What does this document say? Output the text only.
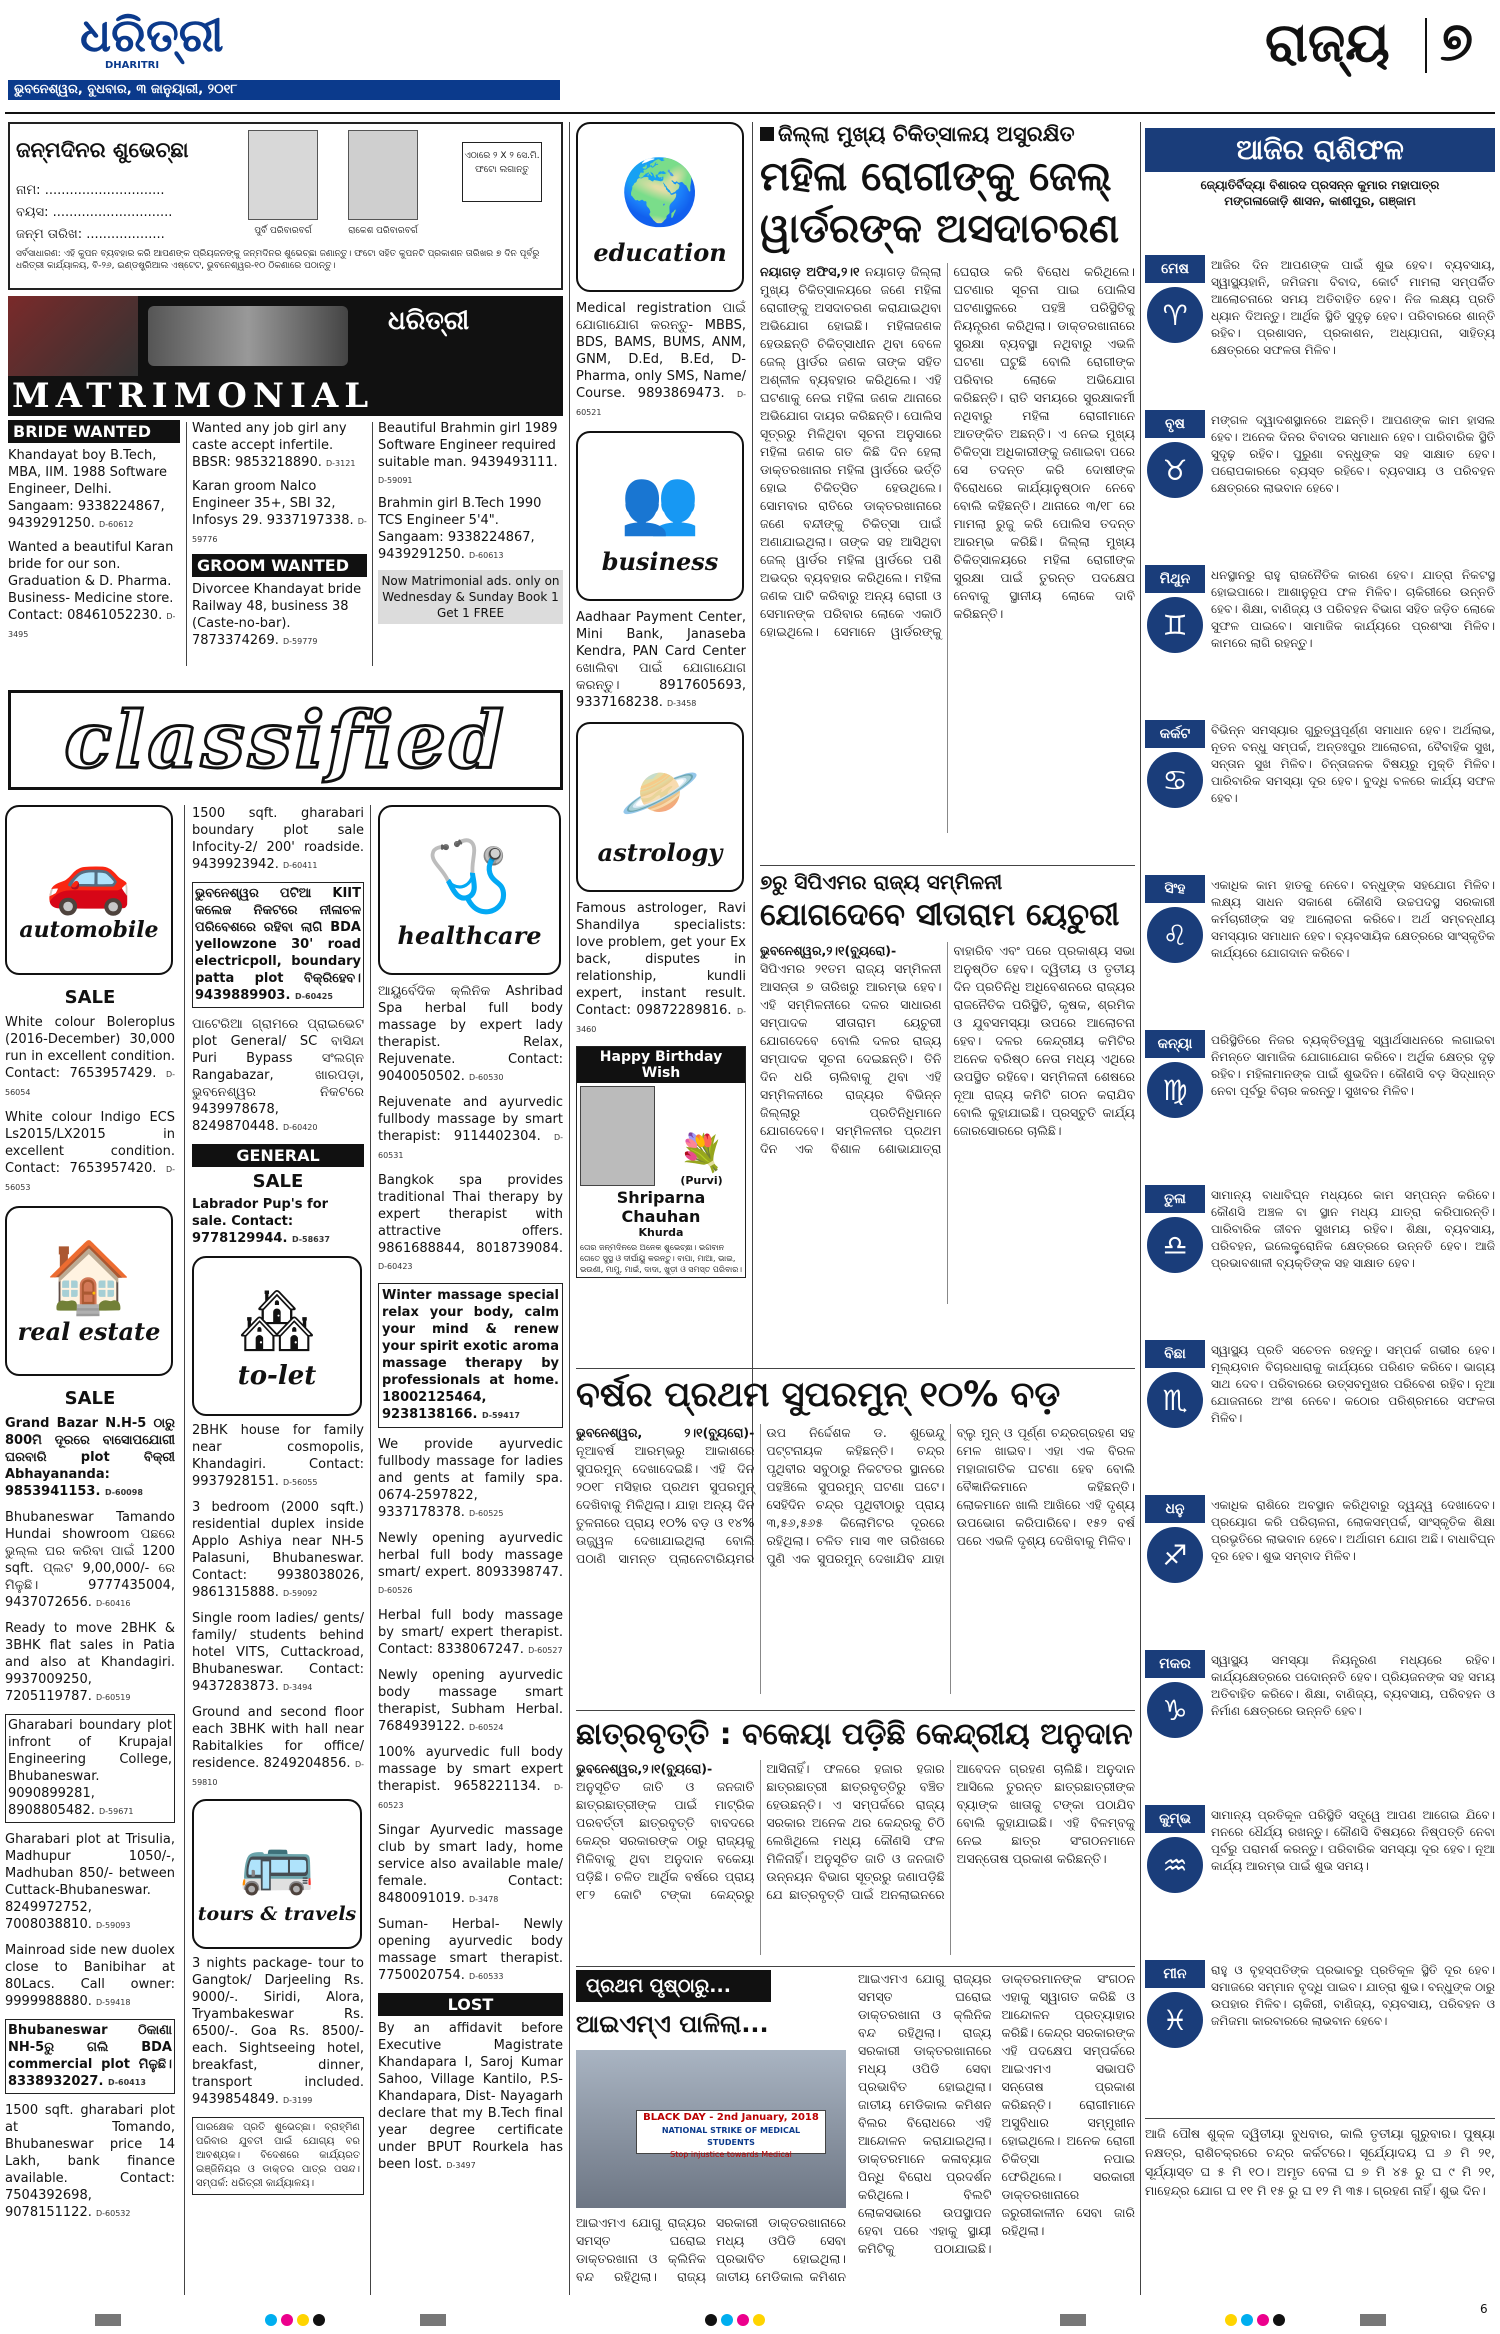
ଧରିତ୍ରୀ
DHARITRI
ଭୁବନେଶ୍ୱର, ବୁଧବାର, ୩ ଜାନୁୟାରୀ, ୨୦୧୮
ରାଜ୍ୟ ୭
ଜନ୍ମଦିନର ଶୁଭେଚ୍ଛା
ନାମ: .............................
ବୟସ: .............................
ଜନ୍ମ ତାରିଖ: ...................	ପୁର୍ବି ପରିବାରବର୍ଗ	ରାକେଶ ପରିବାରବର୍ଗ
ଏଠାରେ ୨ X ୨ ସେ.ମି. ଫଟୋ ଲଗାନ୍ତୁ
ସର୍ବସାଧାରଣ: ଏହି କୁପନ ବ୍ୟବହାର କରି ଆପଣଙ୍କ ପ୍ରିୟଜନଙ୍କୁ ଜନ୍ମଦିନର ଶୁଭେଚ୍ଛା ଜଣାନ୍ତୁ। ଫଟୋ ସହିତ କୁପନଟି ପ୍ରକାଶନ ତାରିଖର ୭ ଦିନ ପୂର୍ବରୁ ଧରିତ୍ରୀ କାର୍ଯ୍ୟାଳୟ, ବି-୨୬, ଇଣ୍ଡଷ୍ଟ୍ରିଆଲ ଏଷ୍ଟେଟ, ଭୁବନେଶ୍ୱର-୧୦ ଠିକଣାରେ ପଠାନ୍ତୁ।
ଧରିତ୍ରୀ
MATRIMONIAL
BRIDE WANTED
Khandayat boy B.Tech, MBA, IIM. 1988 Software Engineer, Delhi. Sangaam: 9338224867, 9439291250. D-60612
Wanted a beautiful Karan bride for our son. Graduation & D. Pharma. Business- Medicine store. Contact: 08461052230. D-3495
Wanted any job girl any caste accept infertile. BBSR: 9853218890. D-3121
Karan groom Nalco Engineer 35+, SBI 32, Infosys 29. 9337197338. D-59776
GROOM WANTED
Divorcee Khandayat bride Railway 48, business 38 (Caste-no-bar). 7873374269. D-59779
Beautiful Brahmin girl 1989 Software Engineer required suitable man. 9439493111. D-59091
Brahmin girl B.Tech 1990 TCS Engineer 5'4". Sangaam: 9338224867, 9439291250. D-60613
Now Matrimonial ads. only on Wednesday & Sunday Book 1 Get 1 FREE
classified
🚗
automobile
SALE
White colour Boleroplus (2016-December) 30,000 run in excellent condition. Contact: 7653957429. D-56054
White colour Indigo ECS Ls2015/LX2015 in excellent condition. Contact: 7653957420. D-56053
🏠
real estate
SALE
Grand Bazar N.H-5 ଠାରୁ 800ମି ଦୂରରେ ବାସୋପଯୋଗୀ ଘରବାରି plot ବିକ୍ରୀ Abhayananda: 9853941153. D-60098
Bhubaneswar Tamando Hundai showroom ପଛରେ ଭୁଲ୍ଲ ଘର କରିବା ପାଇଁ 1200 sqft. ପ୍ଲଟ 9,00,000/- ରେ ମିଳୁଛି। 9777435004, 9437072656. D-60416
Ready to move 2BHK & 3BHK flat sales in Patia and also at Khandagiri. 9937009250, 7205119787. D-60519
Gharabari boundary plot infront of Krupajal Engineering College, Bhubaneswar. 9090899281, 8908805482. D-59671
Gharabari plot at Trisulia, Madhupur 1050/-, Madhuban 850/- between Cuttack-Bhubaneswar. 8249972752, 7008038810. D-59093
Mainroad side new duolex close to Banibihar at 80Lacs. Call owner: 9999988880. D-59418
Bhubaneswar ଠିକାଣା NH-5ରୁ ଗଲି BDA commercial plot ମିଳୁଛି। 8338932027. D-60413
1500 sqft. gharabari plot at Tomando, Bhubaneswar price 14 Lakh, bank finance available. Contact: 7504392698, 9078151122. D-60532
1500 sqft. gharabari boundary plot sale Infocity-2/ 200' roadside. 9439923942. D-60411
ଭୁବନେଶ୍ୱର ପଟିଆ KIIT କଲେଜ ନିକଟରେ ନୀଳାଚଳ ପରିବେଶରେ ରହିବା ଲାଗି BDA yellowzone 30' road electricpoll, boundary patta plot ବିକ୍ରିହେବ। 9439889903. D-60425
ପାଟେରିଆ ଗ୍ରାମରେ ପ୍ରାଇଭେଟ plot General/ SC ବାସିନ୍ଦା Puri Bypass ସଂଲଗ୍ନ Rangabazar, ଖାରପଡ଼ା, ଭୁବନେଶ୍ୱର ନିକଟରେ 9439978678, 8249870448. D-60420
GENERAL
SALE
Labrador Pup's for sale. Contact: 9778129944. D-58637
🏘
to-let
2BHK house for family near cosmopolis, Khandagiri. Contact: 9937928151. D-56055
3 bedroom (2000 sqft.) residential duplex inside Applo Ashiya near NH-5 Palasuni, Bhubaneswar. Contact: 9938038026, 9861315888. D-59092
Single room ladies/ gents/ family/ students behind hotel VITS, Cuttackroad, Bhubaneswar. Contact: 9437283873. D-3494
Ground and second floor each 3BHK with hall near Rabitalkies for office/ residence. 8249204856. D-59810
🚌
tours & travels
3 nights package- tour to Gangtok/ Darjeeling Rs. 9000/-. Siridi, Alora, Tryambakeswar Rs. 6500/-. Goa Rs. 8500/- each. Sightseeing hotel, breakfast, dinner, transport included. 9439854849. D-3199
ପାରକ୍ଷେକ ପ୍ରତି ଶୁଭେଚ୍ଛା। ବ୍ରାହ୍ମିଣ ପରିବାର ଯୁବତୀ ପାଇଁ ଯୋଗ୍ୟ ବର ଆବଶ୍ୟକ। ବିଦେଶରେ କାର୍ଯ୍ୟରତ ଇଞ୍ଜିନିୟର ଓ ଡାକ୍ତର ପାତ୍ର ପସନ୍ଦ। ସମ୍ପର୍କ: ଧରିତ୍ରୀ କାର୍ଯ୍ୟାଳୟ।
🩺
healthcare
ଆୟୁର୍ବେଦିକ କ୍ଲିନିକ Ashribad Spa herbal full body massage by expert lady therapist. Relax, Rejuvenate. Contact: 9040050502. D-60530
Rejuvenate and ayurvedic fullbody massage by smart therapist: 9114402304. D-60531
Bangkok spa provides traditional Thai therapy by expert therapist with attractive offers. 9861688844, 8018739084. D-60423
Winter massage special relax your body, calm your mind & renew your spirit exotic aroma massage therapy by professionals at home. 18002125464, 9238138166. D-59417
We provide ayurvedic fullbody massage for ladies and gents at family spa. 0674-2597822, 9337178378. D-60525
Newly opening ayurvedic herbal full body massage smart/ expert. 8093398747. D-60526
Herbal full body massage by smart/ expert therapist. Contact: 8338067247. D-60527
Newly opening ayurvedic body massage smart therapist, Subham Herbal. 7684939122. D-60524
100% ayurvedic full body massage by smart expert therapist. 9658221134. D-60523
Singar Ayurvedic massage club by smart lady, home service also available male/ female. Contact: 8480091019. D-3478
Suman- Herbal- Newly opening ayurvedic body massage smart therapist. 7750020754. D-60533
LOST
By an affidavit before Executive Magistrate Khandapara I, Saroj Kumar Sahoo, Village Kantilo, P.S-Khandapara, Dist- Nayagarh declare that my B.Tech final year degree certificate under BPUT Rourkela has been lost. D-3497
🌍
education
Medical registration ପାଇଁ ଯୋଗାଯୋଗ କରନ୍ତୁ- MBBS, BDS, BAMS, BUMS, ANM, GNM, D.Ed, B.Ed, D-Pharma, only SMS, Name/ Course. 9893869473. D-60521
👥
business
Aadhaar Payment Center, Mini Bank, Janaseba Kendra, PAN Card Center ଖୋଲିବା ପାଇଁ ଯୋଗାଯୋଗ କରନ୍ତୁ। 8917605693, 9337168238. D-3458
🪐
astrology
Famous astrologer, Ravi Shandilya specialists: love problem, get your Ex back, disputes in relationship, kundli expert, instant result. Contact: 09872289816. D-3460
Happy Birthday Wish
💐
(Purvi)
Shriparna Chauhan
Khurda
ତୋର ଜନ୍ମଦିନରେ ଅନେକ ଶୁଭେଚ୍ଛା। ଭଗବାନ ତୋତେ ସୁସ୍ଥ ଓ ଦୀର୍ଘାୟୁ କରନ୍ତୁ। ବାପା, ମାଆ, ଭାଇ, ଭଉଣୀ, ମାମୁ, ମାଇଁ, ଦାଦା, ଖୁଡ଼ୀ ଓ ସମସ୍ତ ପରିବାର।
ଜିଲ୍ଲା ମୁଖ୍ୟ ଚିକିତ୍ସାଳୟ ଅସୁରକ୍ଷିତ
ମହିଳା ରୋଗୀଙ୍କୁ ଜେଲ୍
ୱାର୍ଡରଙ୍କ ଅସଦାଚରଣ
ନୟାଗଡ଼ ଅଫିସ,୨।୧ ନୟାଗଡ଼ ଜିଲ୍ଲା ମୁଖ୍ୟ ଚିକିତ୍ସାଳୟରେ ଜଣେ ମହିଳା ରୋଗୀଙ୍କୁ ଅସଦାଚରଣ କରାଯାଇଥିବା ଅଭିଯୋଗ ହୋଇଛି। ମହିଳାଜଣକ ହେଉଛନ୍ତି ଚିକିତ୍ସାଧୀନ ଥିବା ବେଳେ ଜେଲ୍ ୱାର୍ଡର ଜଣକ ତାଙ୍କ ସହିତ ଅଶ୍ଳୀଳ ବ୍ୟବହାର କରିଥିଲେ। ଏହି ଘଟଣାକୁ ନେଇ ମହିଳା ଜଣକ ଥାନାରେ ଅଭିଯୋଗ ଦାୟର କରିଛନ୍ତି। ପୋଲିସ ସୂତ୍ରରୁ ମିଳିଥିବା ସୂଚନା ଅନୁସାରେ ମହିଳା ଜଣକ ଗତ କିଛି ଦିନ ହେଲା ଡାକ୍ତରଖାନାର ମହିଳା ୱାର୍ଡରେ ଭର୍ତ୍ତି ହୋଇ ଚିକିତ୍ସିତ ହେଉଥିଲେ। ସୋମବାର ରାତିରେ ଡାକ୍ତରଖାନାରେ ଜଣେ ବନ୍ଦୀଙ୍କୁ ଚିକିତ୍ସା ପାଇଁ ଅଣାଯାଇଥିଲା। ତାଙ୍କ ସହ ଆସିଥିବା ଜେଲ୍ ୱାର୍ଡର ମହିଳା ୱାର୍ଡରେ ପଶି ଅଭଦ୍ର ବ୍ୟବହାର କରିଥିଲେ। ମହିଳା ଜଣକ ପାଟି କରିବାରୁ ଅନ୍ୟ ରୋଗୀ ଓ ସେମାନଙ୍କ ପରିବାର ଲୋକେ ଏକାଠି ହୋଇଥିଲେ। ସେମାନେ ୱାର୍ଡରଙ୍କୁ ଘେରାଉ କରି ବିରୋଧ କରିଥିଲେ। ଘଟଣାର ସୂଚନା ପାଇ ପୋଲିସ ଘଟଣାସ୍ଥଳରେ ପହଞ୍ଚି ପରିସ୍ଥିତିକୁ ନିୟନ୍ତ୍ରଣ କରିଥିଲା। ଡାକ୍ତରଖାନାରେ ସୁରକ୍ଷା ବ୍ୟବସ୍ଥା ନଥିବାରୁ ଏଭଳି ଘଟଣା ଘଟୁଛି ବୋଲି ରୋଗୀଙ୍କ ପରିବାର ଲୋକେ ଅଭିଯୋଗ କରିଛନ୍ତି। ରାତି ସମୟରେ ସୁରକ୍ଷାକର୍ମୀ ନଥିବାରୁ ମହିଳା ରୋଗୀମାନେ ଆତଙ୍କିତ ଅଛନ୍ତି। ଏ ନେଇ ମୁଖ୍ୟ ଚିକିତ୍ସା ଅଧିକାରୀଙ୍କୁ ଜଣାଇବା ପରେ ସେ ତଦନ୍ତ କରି ଦୋଷୀଙ୍କ ବିରୋଧରେ କାର୍ଯ୍ୟାନୁଷ୍ଠାନ ନେବେ ବୋଲି କହିଛନ୍ତି। ଥାନାରେ ୩/୧୮ ରେ ମାମଲା ରୁଜୁ କରି ପୋଲିସ ତଦନ୍ତ ଆରମ୍ଭ କରିଛି। ଜିଲ୍ଲା ମୁଖ୍ୟ ଚିକିତ୍ସାଳୟରେ ମହିଳା ରୋଗୀଙ୍କ ସୁରକ୍ଷା ପାଇଁ ତୁରନ୍ତ ପଦକ୍ଷେପ ନେବାକୁ ସ୍ଥାନୀୟ ଲୋକେ ଦାବି କରିଛନ୍ତି।
୭ରୁ ସିପିଏମର ରାଜ୍ୟ ସମ୍ମିଳନୀ
ଯୋଗଦେବେ ସୀତାରାମ ୟେଚୁରୀ
ଭୁବନେଶ୍ୱର,୨।୧(ବ୍ୟୁରୋ)- ସିପିଏମର ୨୧ତମ ରାଜ୍ୟ ସମ୍ମିଳନୀ ଆସନ୍ତା ୭ ତାରିଖରୁ ଆରମ୍ଭ ହେବ। ଏହି ସମ୍ମିଳନୀରେ ଦଳର ସାଧାରଣ ସମ୍ପାଦକ ସୀତାରାମ ୟେଚୁରୀ ଯୋଗଦେବେ ବୋଲି ଦଳର ରାଜ୍ୟ ସମ୍ପାଦକ ସୂଚନା ଦେଇଛନ୍ତି। ତିନି ଦିନ ଧରି ଚାଲିବାକୁ ଥିବା ଏହି ସମ୍ମିଳନୀରେ ରାଜ୍ୟର ବିଭିନ୍ନ ଜିଲ୍ଲାରୁ ପ୍ରତିନିଧିମାନେ ଯୋଗଦେବେ। ସମ୍ମିଳନୀର ପ୍ରଥମ ଦିନ ଏକ ବିଶାଳ ଶୋଭାଯାତ୍ରା ବାହାରିବ ଏବଂ ପରେ ପ୍ରକାଶ୍ୟ ସଭା ଅନୁଷ୍ଠିତ ହେବ। ଦ୍ୱିତୀୟ ଓ ତୃତୀୟ ଦିନ ପ୍ରତିନିଧି ଅଧିବେଶନରେ ରାଜ୍ୟର ରାଜନୈତିକ ପରିସ୍ଥିତି, କୃଷକ, ଶ୍ରମିକ ଓ ଯୁବସମସ୍ୟା ଉପରେ ଆଲୋଚନା ହେବ। ଦଳର କେନ୍ଦ୍ରୀୟ କମିଟିର ଅନେକ ବରିଷ୍ଠ ନେତା ମଧ୍ୟ ଏଥିରେ ଉପସ୍ଥିତ ରହିବେ। ସମ୍ମିଳନୀ ଶେଷରେ ନୂଆ ରାଜ୍ୟ କମିଟି ଗଠନ କରାଯିବ ବୋଲି କୁହାଯାଇଛି। ପ୍ରସ୍ତୁତି କାର୍ଯ୍ୟ ଜୋରସୋରରେ ଚାଲିଛି।
ବର୍ଷର ପ୍ରଥମ ସୁପରମୁନ୍ ୧୦% ବଡ଼
ଭୁବନେଶ୍ୱର, ୨।୧(ବ୍ୟୁରୋ)- ନୂଆବର୍ଷ ଆରମ୍ଭରୁ ଆକାଶରେ ସୁପରମୁନ୍ ଦେଖାଦେଇଛି। ଏହି ଦିନ ୨୦୧୮ ମସିହାର ପ୍ରଥମ ସୁପରମୁନ୍ ଦେଖିବାକୁ ମିଳିଥିଲା। ଯାହା ଅନ୍ୟ ଦିନ ତୁଳନାରେ ପ୍ରାୟ ୧୦% ବଡ଼ ଓ ୧୪% ଉଜ୍ଜ୍ୱଳ ଦେଖାଯାଇଥିଲା ବୋଲି ପଠାଣି ସାମନ୍ତ ପ୍ଲାନେଟାରିୟମର ଉପ ନିର୍ଦ୍ଦେଶକ ଡ. ଶୁଭେନ୍ଦୁ ପଟ୍ଟନାୟକ କହିଛନ୍ତି। ଚନ୍ଦ୍ର ପୃଥିବୀର ସବୁଠାରୁ ନିକଟତର ସ୍ଥାନରେ ପହଞ୍ଚିଲେ ସୁପରମୁନ୍ ଘଟଣା ଘଟେ। ସେହିଦିନ ଚନ୍ଦ୍ର ପୃଥିବୀଠାରୁ ପ୍ରାୟ ୩,୫୬,୫୬୫ କିଲୋମିଟର ଦୂରରେ ରହିଥିଲା। ଚଳିତ ମାସ ୩୧ ତାରିଖରେ ପୁଣି ଏକ ସୁପରମୁନ୍ ଦେଖାଯିବ ଯାହା ବ୍ଲୁ ମୁନ୍ ଓ ପୂର୍ଣ୍ଣ ଚନ୍ଦ୍ରଗ୍ରହଣ ସହ ମେଳ ଖାଇବ। ଏହା ଏକ ବିରଳ ମହାଜାଗତିକ ଘଟଣା ହେବ ବୋଲି ବୈଜ୍ଞାନିକମାନେ କହିଛନ୍ତି। ଲୋକମାନେ ଖାଲି ଆଖିରେ ଏହି ଦୃଶ୍ୟ ଉପଭୋଗ କରିପାରିବେ। ୧୫୨ ବର୍ଷ ପରେ ଏଭଳି ଦୃଶ୍ୟ ଦେଖିବାକୁ ମିଳିବ।
ଛାତ୍ରବୃତ୍ତି : ବକେୟା ପଡ଼ିଛି କେନ୍ଦ୍ରୀୟ ଅନୁଦାନ
ଭୁବନେଶ୍ୱର,୨।୧(ବ୍ୟୁରୋ)- ଅନୁସୂଚିତ ଜାତି ଓ ଜନଜାତି ଛାତ୍ରଛାତ୍ରୀଙ୍କ ପାଇଁ ମାଟ୍ରିକ ପରବର୍ତ୍ତୀ ଛାତ୍ରବୃତ୍ତି ବାବଦରେ କେନ୍ଦ୍ର ସରକାରଙ୍କ ଠାରୁ ରାଜ୍ୟକୁ ମିଳିବାକୁ ଥିବା ଅନୁଦାନ ବକେୟା ପଡ଼ିଛି। ଚଳିତ ଆର୍ଥିକ ବର୍ଷରେ ପ୍ରାୟ ୧୮୨ କୋଟି ଟଙ୍କା କେନ୍ଦ୍ରରୁ ଆସିନାହିଁ। ଫଳରେ ହଜାର ହଜାର ଛାତ୍ରଛାତ୍ରୀ ଛାତ୍ରବୃତ୍ତିରୁ ବଞ୍ଚିତ ହେଉଛନ୍ତି। ଏ ସମ୍ପର୍କରେ ରାଜ୍ୟ ସରକାର ଅନେକ ଥର କେନ୍ଦ୍ରକୁ ଚିଠି ଲେଖିଥିଲେ ମଧ୍ୟ କୌଣସି ଫଳ ମିଳିନାହିଁ। ଅନୁସୂଚିତ ଜାତି ଓ ଜନଜାତି ଉନ୍ନୟନ ବିଭାଗ ସୂତ୍ରରୁ ଜଣାପଡ଼ିଛି ଯେ ଛାତ୍ରବୃତ୍ତି ପାଇଁ ଅନଲାଇନରେ ଆବେଦନ ଗ୍ରହଣ ଚାଲିଛି। ଅନୁଦାନ ଆସିଲେ ତୁରନ୍ତ ଛାତ୍ରଛାତ୍ରୀଙ୍କ ବ୍ୟାଙ୍କ ଖାତାକୁ ଟଙ୍କା ପଠାଯିବ ବୋଲି କୁହାଯାଇଛି। ଏହି ବିଳମ୍ବକୁ ନେଇ ଛାତ୍ର ସଂଗଠନମାନେ ଅସନ୍ତୋଷ ପ୍ରକାଶ କରିଛନ୍ତି।
ପ୍ରଥମ ପୃଷ୍ଠାରୁ...
ଆଇଏମ୍‌ଏ ପାଳିଲା...
BLACK DAY - 2nd January, 2018
NATIONAL STRIKE OF MEDICAL STUDENTS
Stop injustice towards Medical
ଆଇଏମଏ ଯୋଗୁ ରାଜ୍ୟର ସମସ୍ତ ଘରୋଇ ଡାକ୍ତରଖାନା ଓ କ୍ଲିନିକ ବନ୍ଦ ରହିଥିଲା। ରାଜ୍ୟ ସରକାରୀ ଡାକ୍ତରଖାନାରେ ମଧ୍ୟ ଓପିଡି ସେବା ପ୍ରଭାବିତ ହୋଇଥିଲା। ଜାତୀୟ ମେଡିକାଲ କମିଶନ ବିଲର ବିରୋଧରେ ଏହି ଆନ୍ଦୋଳନ କରାଯାଇଥିଲା। ଡାକ୍ତରମାନେ କଳାବ୍ୟାଜ ପିନ୍ଧି ବିରୋଧ ପ୍ରଦର୍ଶନ କରିଥିଲେ। ବିଲଟି ଲୋକସଭାରେ ଉପସ୍ଥାପନ ହେବା ପରେ ଏହାକୁ ସ୍ଥାୟୀ କମିଟିକୁ ପଠାଯାଇଛି। ଡାକ୍ତରମାନଙ୍କ ସଂଗଠନ ଏହାକୁ ସ୍ୱାଗତ କରିଛି ଓ ଆନ୍ଦୋଳନ ପ୍ରତ୍ୟାହାର କରିଛି। କେନ୍ଦ୍ର ସରକାରଙ୍କ ଏହି ପଦକ୍ଷେପ ସମ୍ପର୍କରେ ଆଇଏମଏ ସଭାପତି ସନ୍ତୋଷ ପ୍ରକାଶ କରିଛନ୍ତି। ରୋଗୀମାନେ ଅସୁବିଧାର ସମ୍ମୁଖୀନ ହୋଇଥିଲେ। ଅନେକ ରୋଗୀ ଚିକିତ୍ସା ନପାଇ ଫେରିଥିଲେ। ସରକାରୀ ଡାକ୍ତରଖାନାରେ ଜରୁରୀକାଳୀନ ସେବା ଜାରି ରହିଥିଲା।
ଆଇଏମଏ ଯୋଗୁ ରାଜ୍ୟର ସମସ୍ତ ଘରୋଇ ଡାକ୍ତରଖାନା ଓ କ୍ଲିନିକ ବନ୍ଦ ରହିଥିଲା। ରାଜ୍ୟ ସରକାରୀ ଡାକ୍ତରଖାନାରେ ମଧ୍ୟ ଓପିଡି ସେବା ପ୍ରଭାବିତ ହୋଇଥିଲା। ଜାତୀୟ ମେଡିକାଲ କମିଶନ
ଆଜିର ରାଶିଫଳ
ଜ୍ୟୋତିର୍ବିଦ୍ୟା ବିଶାରଦ ପ୍ରସନ୍ନ କୁମାର ମହାପାତ୍ର
ମଙ୍ଗଳାଜୋଡ଼ି ଶାସନ, କାଶୀପୁର, ଗଞ୍ଜାମ
ମେଷ
♈
ଆଜିର ଦିନ ଆପଣଙ୍କ ପାଇଁ ଶୁଭ ହେବ। ବ୍ୟବସାୟ, ସ୍ୱାସ୍ଥ୍ୟହାନି, ଜମିଜମା ବିବାଦ, କୋର୍ଟ ମାମଲା ସମ୍ପର୍କିତ ଆଲୋଚନାରେ ସମୟ ଅତିବାହିତ ହେବ। ନିଜ ଲକ୍ଷ୍ୟ ପ୍ରତି ଧ୍ୟାନ ଦିଅନ୍ତୁ। ଆର୍ଥିକ ସ୍ଥିତି ସୁଦୃଢ଼ ହେବ। ପରିବାରରେ ଶାନ୍ତି ରହିବ। ପ୍ରଶାସନ, ପ୍ରକାଶନ, ଅଧ୍ୟାପନା, ସାହିତ୍ୟ କ୍ଷେତ୍ରରେ ସଫଳତା ମିଳିବ।
ବୃଷ
♉
ମଙ୍ଗଳ ଦ୍ୱାଦଶସ୍ଥାନରେ ଅଛନ୍ତି। ଆପଣଙ୍କ କାମ ହାସଲ ହେବ। ଅନେକ ଦିନର ବିବାଦର ସମାଧାନ ହେବ। ପାରିବାରିକ ସ୍ଥିତି ସୁଦୃଢ଼ ରହିବ। ପୁରୁଣା ବନ୍ଧୁଙ୍କ ସହ ସାକ୍ଷାତ ହେବ। ପରୋପକାରରେ ବ୍ୟସ୍ତ ରହିବେ। ବ୍ୟବସାୟ ଓ ପରିବହନ କ୍ଷେତ୍ରରେ ଲାଭବାନ ହେବେ।
ମିଥୁନ
♊
ଧନସ୍ଥାନରୁ ରାହୁ ରାଜନୈତିକ କାରଣ ହେବ। ଯାତ୍ରା ନିକଟସ୍ଥ ହୋଇପାରେ। ଆଶାନୁରୂପ ଫଳ ମିଳିବ। ଚାକିରୀରେ ଉନ୍ନତି ହେବ। ଶିକ୍ଷା, ବାଣିଜ୍ୟ ଓ ପରିବହନ ବିଭାଗ ସହିତ ଜଡ଼ିତ ଲୋକେ ସୁଫଳ ପାଇବେ। ସାମାଜିକ କାର୍ଯ୍ୟରେ ପ୍ରଶଂସା ମିଳିବ। କାମରେ ଲାଗି ରହନ୍ତୁ।
କର୍କଟ
♋
ବିଭିନ୍ନ ସମସ୍ୟାର ଗୁରୁତ୍ୱପୂର୍ଣ୍ଣ ସମାଧାନ ହେବ। ଅର୍ଥଲାଭ, ନୂତନ ବନ୍ଧୁ ସମ୍ପର୍କ, ଅନ୍ତଃପୁର ଆଲୋଚନା, ବୈବାହିକ ସୁଖ, ସନ୍ତାନ ସୁଖ ମିଳିବ। ଚିନ୍ତାଜନକ ବିଷୟରୁ ମୁକ୍ତି ମିଳିବ। ପାରିବାରିକ ସମସ୍ୟା ଦୂର ହେବ। ବୁଦ୍ଧି ବଳରେ କାର୍ଯ୍ୟ ସଫଳ ହେବ।
ସିଂହ
♌
ଏକାଧିକ କାମ ହାତକୁ ନେବେ। ବନ୍ଧୁଙ୍କ ସହଯୋଗ ମିଳିବ। ଲକ୍ଷ୍ୟ ସାଧନ ସକାଶେ କୌଣସି ଉଚ୍ଚପଦସ୍ଥ ସରକାରୀ କର୍ମଚାରୀଙ୍କ ସହ ଆଲୋଚନା କରିବେ। ଅର୍ଥ ସମ୍ବନ୍ଧୀୟ ସମସ୍ୟାର ସମାଧାନ ହେବ। ବ୍ୟବସାୟିକ କ୍ଷେତ୍ରରେ ସାଂସ୍କୃତିକ କାର୍ଯ୍ୟରେ ଯୋଗଦାନ କରିବେ।
କନ୍ୟା
♍
ପରିସ୍ଥିତିରେ ନିଜର ବ୍ୟକ୍ତିତ୍ୱକୁ ସ୍ୱାର୍ଥସାଧନରେ ଲଗାଇବା ନିମନ୍ତେ ସାମାଜିକ ଯୋଗାଯୋଗ କରିବେ। ଅର୍ଥିକ କ୍ଷେତ୍ର ଦୃଢ଼ ରହିବ। ମହିଳାମାନଙ୍କ ପାଇଁ ଶୁଭଦିନ। କୌଣସି ବଡ଼ ସିଦ୍ଧାନ୍ତ ନେବା ପୂର୍ବରୁ ବିଚାର କରନ୍ତୁ। ସୁଖବର ମିଳିବ।
ତୁଳା
♎
ସାମାନ୍ୟ ବାଧାବିଘ୍ନ ମଧ୍ୟରେ କାମ ସମ୍ପନ୍ନ କରିବେ। କୌଣସି ଅଞ୍ଚଳ ବା ସ୍ଥାନ ମଧ୍ୟ ଯାତ୍ରା କରିପାରନ୍ତି। ପାରିବାରିକ ଜୀବନ ସୁଖମୟ ରହିବ। ଶିକ୍ଷା, ବ୍ୟବସାୟ, ପରିବହନ, ଇଲେକ୍ଟ୍ରୋନିକ କ୍ଷେତ୍ରରେ ଉନ୍ନତି ହେବ। ଆଜି ପ୍ରଭାବଶାଳୀ ବ୍ୟକ୍ତିଙ୍କ ସହ ସାକ୍ଷାତ ହେବ।
ବିଛା
♏
ସ୍ୱାସ୍ଥ୍ୟ ପ୍ରତି ସଚେତନ ରହନ୍ତୁ। ସମ୍ପର୍କ ଗଭୀର ହେବ। ମୂଲ୍ୟବାନ ବିଚାରଧାରାକୁ କାର୍ଯ୍ୟରେ ପରିଣତ କରିବେ। ଭାଗ୍ୟ ସାଥ ଦେବ। ପରିବାରରେ ଉତ୍ସବମୁଖର ପରିବେଶ ରହିବ। ନୂଆ ଯୋଜନାରେ ଅଂଶ ନେବେ। କଠୋର ପରିଶ୍ରମରେ ସଫଳତା ମିଳିବ।
ଧନୁ
♐
ଏକାଧିକ ରାଶିରେ ଅବସ୍ଥାନ କରିଥିବାରୁ ଦ୍ୱନ୍ଦ୍ୱ ଦେଖାଦେବ। ପ୍ରୟୋଗ କରି ପରିଚାଳନା, ଲୋକସମ୍ପର୍କ, ସାଂସ୍କୃତିକ ଶିକ୍ଷା ପ୍ରଭୃତିରେ ଲାଭବାନ ହେବେ। ଅର୍ଥାଗମ ଯୋଗ ଅଛି। ବାଧାବିଘ୍ନ ଦୂର ହେବ। ଶୁଭ ସମ୍ବାଦ ମିଳିବ।
ମକର
♑
ସ୍ୱାସ୍ଥ୍ୟ ସମସ୍ୟା ନିୟନ୍ତ୍ରଣ ମଧ୍ୟରେ ରହିବ। କାର୍ଯ୍ୟକ୍ଷେତ୍ରରେ ପଦୋନ୍ନତି ହେବ। ପ୍ରିୟଜନଙ୍କ ସହ ସମୟ ଅତିବାହିତ କରିବେ। ଶିକ୍ଷା, ବାଣିଜ୍ୟ, ବ୍ୟବସାୟ, ପରିବହନ ଓ ନିର୍ମାଣ କ୍ଷେତ୍ରରେ ଉନ୍ନତି ହେବ।
କୁମ୍ଭ
♒
ସାମାନ୍ୟ ପ୍ରତିକୂଳ ପରିସ୍ଥିତି ସତ୍ତ୍ୱେ ଆପଣ ଆଗେଇ ଯିବେ। ମନରେ ଧୈର୍ଯ୍ୟ ରଖନ୍ତୁ। କୌଣସି ବିଷୟରେ ନିଷ୍ପତ୍ତି ନେବା ପୂର୍ବରୁ ପରାମର୍ଶ କରନ୍ତୁ। ପରିବାରିକ ସମସ୍ୟା ଦୂର ହେବ। ନୂଆ କାର୍ଯ୍ୟ ଆରମ୍ଭ ପାଇଁ ଶୁଭ ସମୟ।
ମୀନ
♓
ରାହୁ ଓ ବୃହସ୍ପତିଙ୍କ ପ୍ରଭାବରୁ ପ୍ରତିକୂଳ ସ୍ଥିତି ଦୂର ହେବ। ସମାଜରେ ସମ୍ମାନ ବୃଦ୍ଧି ପାଇବ। ଯାତ୍ରା ଶୁଭ। ବନ୍ଧୁଙ୍କ ଠାରୁ ଉପହାର ମିଳିବ। ଚାକିରୀ, ବାଣିଜ୍ୟ, ବ୍ୟବସାୟ, ପରିବହନ ଓ ଜମିଜମା କାରବାରରେ ଲାଭବାନ ହେବେ।
ଆଜି ପୌଷ ଶୁକ୍ଳ ଦ୍ୱିତୀୟା ବୁଧବାର, କାଲି ତୃତୀୟା ଗୁରୁବାର। ପୁଷ୍ୟା ନକ୍ଷତ୍ର, ରାଶିଚକ୍ରରେ ଚନ୍ଦ୍ର କର୍କଟରେ। ସୂର୍ଯ୍ୟୋଦୟ ଘ ୬ ମି ୨୧, ସୂର୍ଯ୍ୟାସ୍ତ ଘ ୫ ମି ୧୦। ଅମୃତ ବେଳା ଘ ୭ ମି ୪୫ ରୁ ଘ ୯ ମି ୨୧, ମାହେନ୍ଦ୍ର ଯୋଗ ଘ ୧୧ ମି ୧୫ ରୁ ଘ ୧୨ ମି ୩୫। ଗ୍ରହଣ ନାହିଁ। ଶୁଭ ଦିନ।
6
